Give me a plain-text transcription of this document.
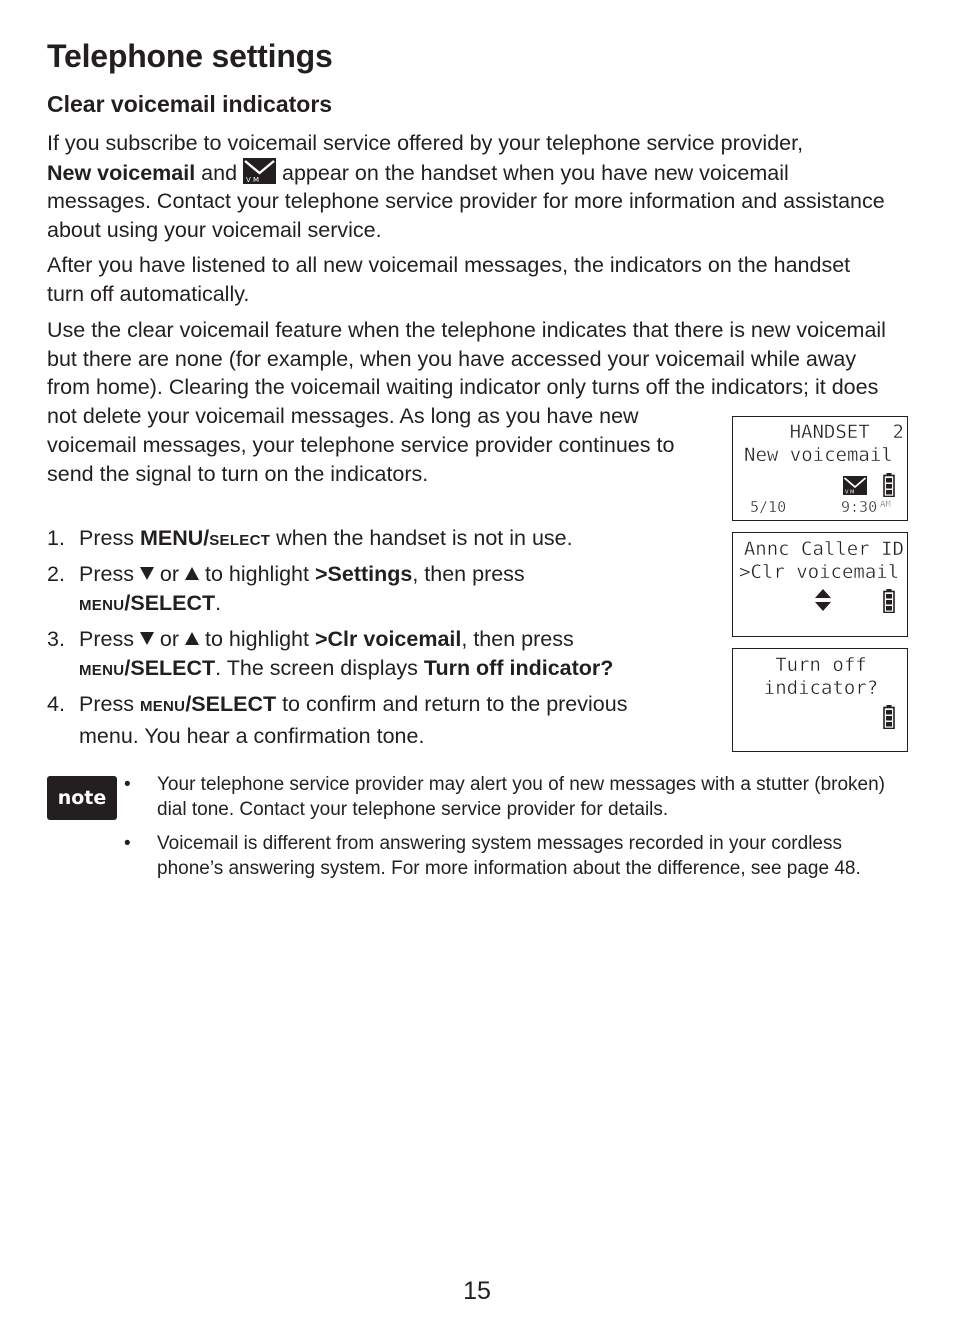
Telephone settings
Clear voicemail indicators
If you subscribe to voicemail service offered by your telephone service provider,
New voicemail and V M appear on the handset when you have new voicemail messages. Contact your telephone service provider for more information and assistance about using your voicemail service.

After you have listened to all new voicemail messages, the indicators on the handset turn off automatically.

Use the clear voicemail feature when the telephone indicates that there is new voicemail
but there are none (for example, when you have accessed your voicemail while away
from home). Clearing the voicemail waiting indicator only turns off the indicators; it does
not delete your voicemail messages. As long as you have new
voicemail messages, your telephone service provider continues to
send the signal to turn on the indicators.

1. Press MENU/SELECT when the handset is not in use.
2. Press  or  to highlight >Settings, then press
MENU/SELECT.
3. Press  or  to highlight >Clr voicemail, then press
MENU/SELECT. The screen displays Turn off indicator?
4. Press MENU/SELECT to confirm and return to the previous
menu. You hear a confirmation tone.
HANDSET  2
New voicemail
V M
5/10	9:30 AM
Annc Caller ID
>Clr voicemail
Turn off
indicator?
note
• Your telephone service provider may alert you of new messages with a stutter (broken) dial tone. Contact your telephone service provider for details.

• Voicemail is different from answering system messages recorded in your cordless phone’s answering system. For more information about the difference, see page 48.

15
